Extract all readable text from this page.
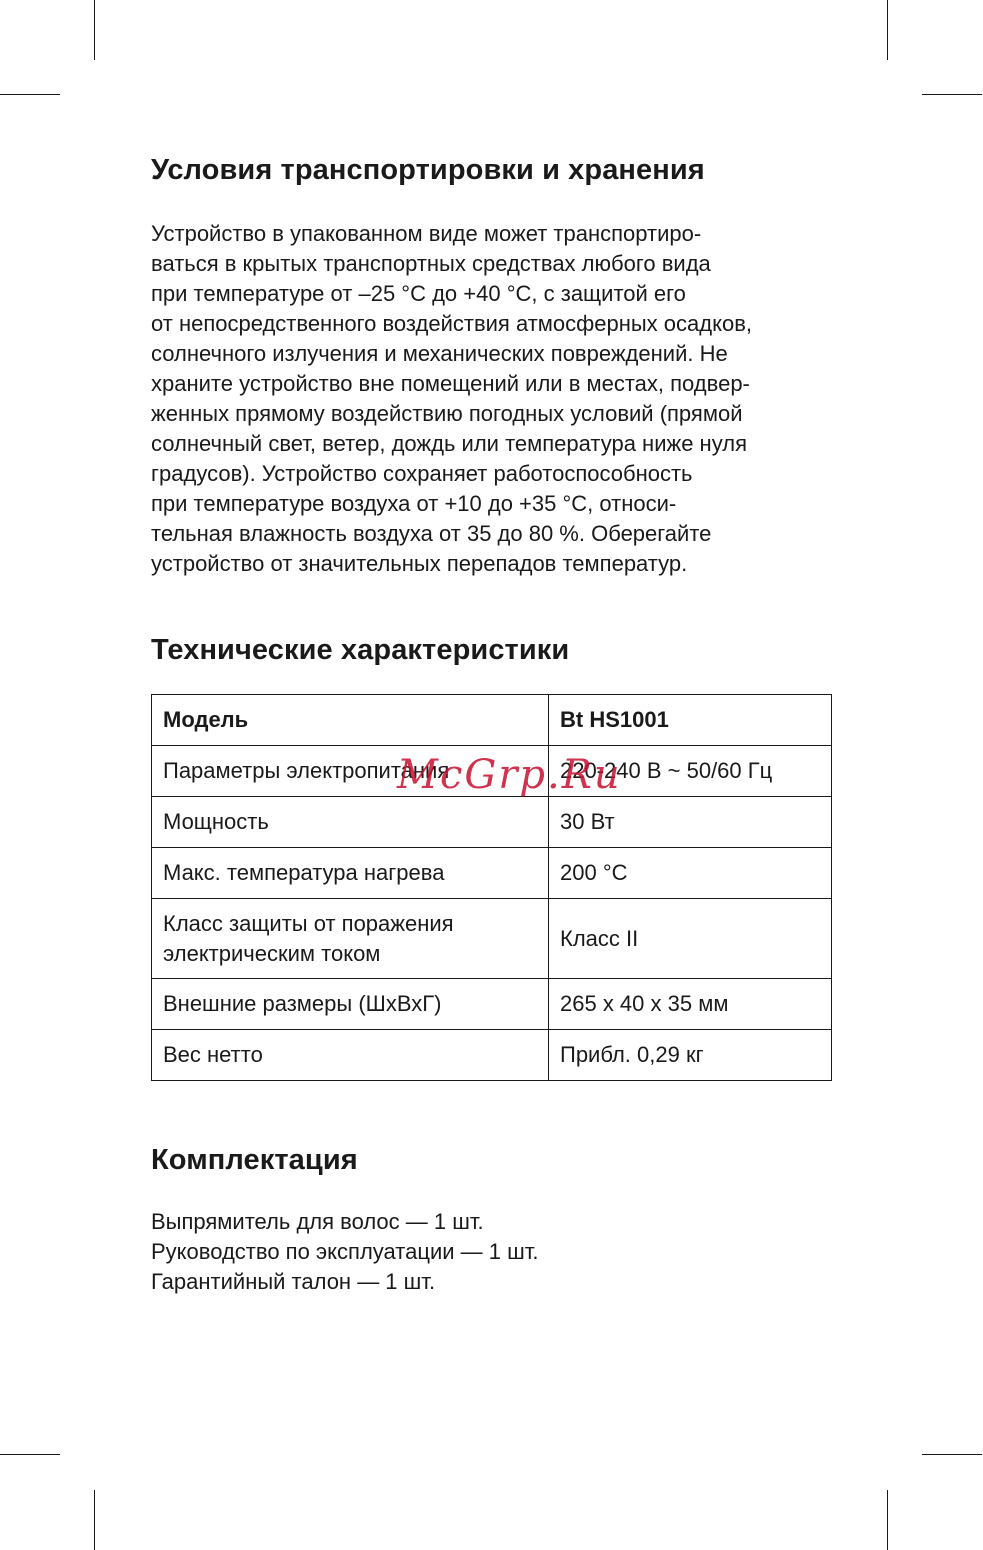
Условия транспортировки и хранения
Устройство в упакованном виде может транспортиро-
ваться в крытых транспортных средствах любого вида
при температуре от –25 °С до +40 °С, с защитой его
от непосредственного воздействия атмосферных осадков,
солнечного излучения и механических повреждений. Не
храните устройство вне помещений или в местах, подвер-
женных прямому воздействию погодных условий (прямой
солнечный свет, ветер, дождь или температура ниже нуля
градусов). Устройство сохраняет работоспособность
при температуре воздуха от +10 до +35 °С, относи-
тельная влажность воздуха от 35 до 80 %. Оберегайте
устройство от значительных перепадов температур.
Технические характеристики
Модель	Bt HS1001
Параметры электропитания	220-240 В ~ 50/60 Гц
Мощность	30 Вт
Макс. температура нагрева	200 °С

Класс защиты от поражения
электрическим током	Класс II
Внешние размеры (ШхВхГ)	265 х 40 х 35 мм
Вес нетто	Прибл. 0,29 кг
Комплектация
Выпрямитель для волос — 1 шт.
Руководство по эксплуатации — 1 шт.
Гарантийный талон — 1 шт.
McGrp.Ru
